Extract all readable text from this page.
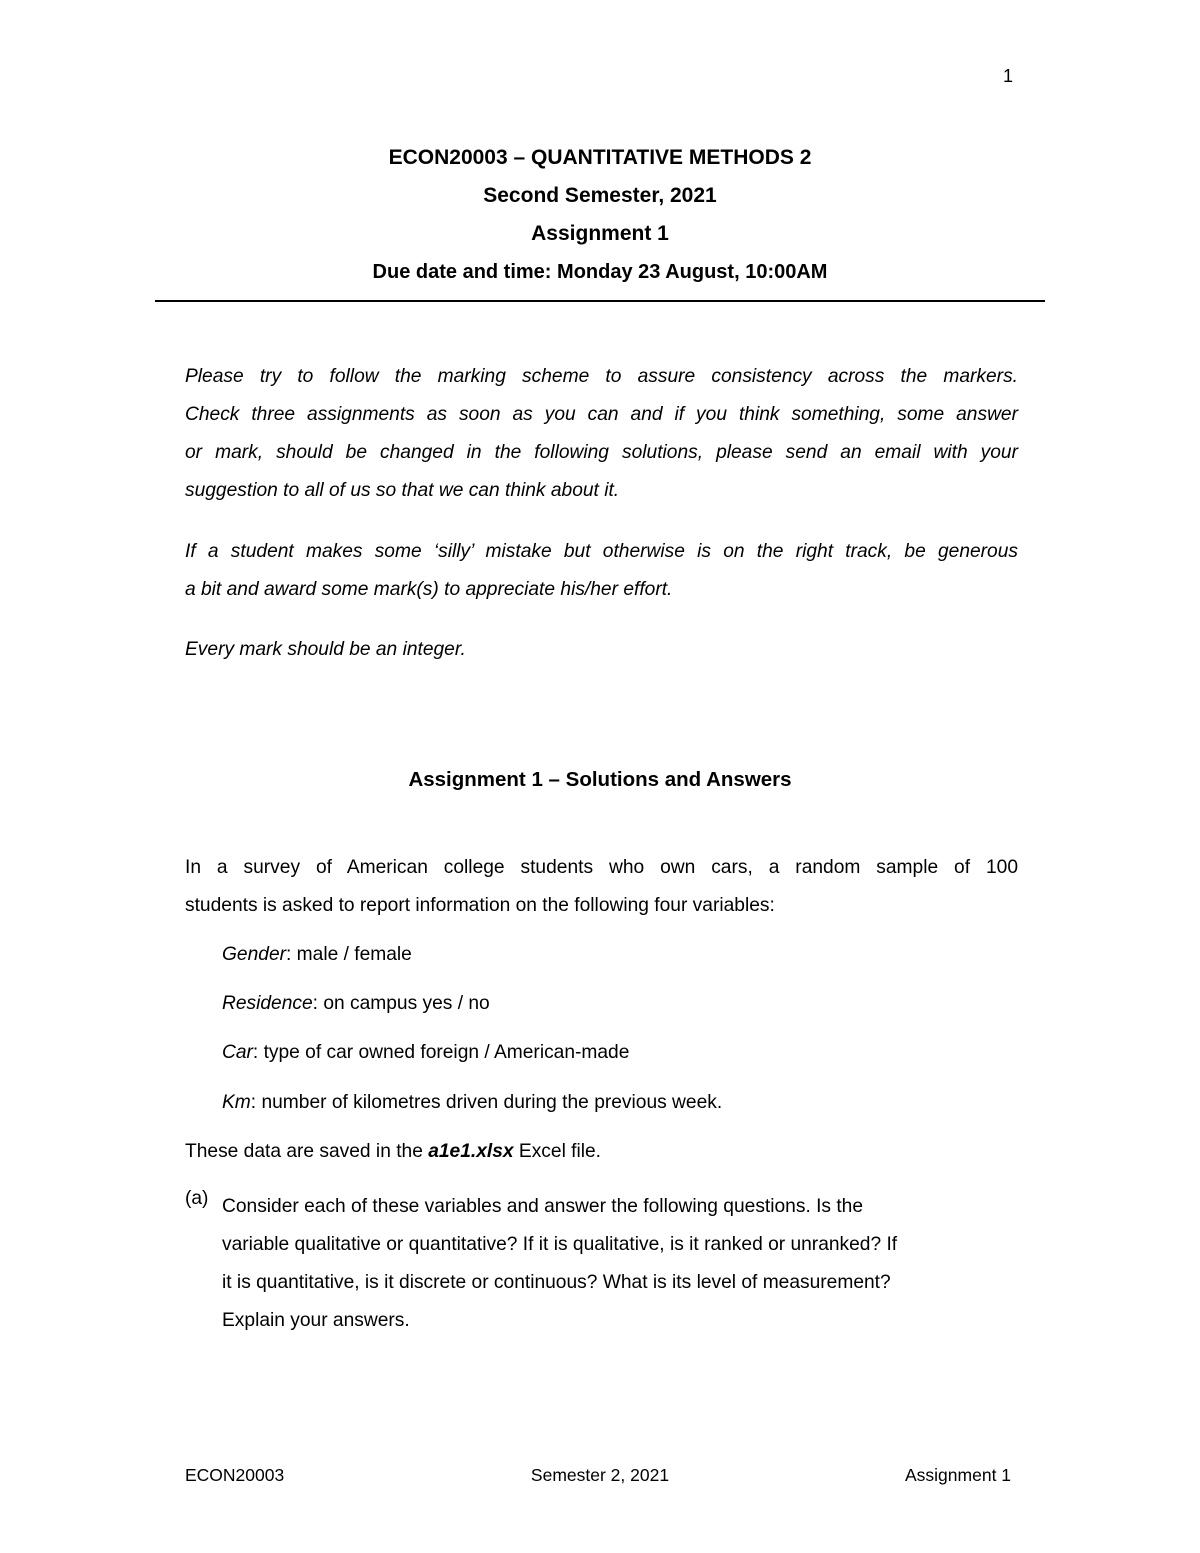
1
ECON20003 – QUANTITATIVE METHODS 2
Second Semester, 2021
Assignment 1
Due date and time: Monday 23 August, 10:00AM
Please try to follow the marking scheme to assure consistency across the markers.
Check three assignments as soon as you can and if you think something, some answer
or mark, should be changed in the following solutions, please send an email with your
suggestion to all of us so that we can think about it.
If a student makes some ‘silly’ mistake but otherwise is on the right track, be generous
a bit and award some mark(s) to appreciate his/her effort.
Every mark should be an integer.
Assignment 1 – Solutions and Answers
In a survey of American college students who own cars, a random sample of 100
students is asked to report information on the following four variables:
Gender: male / female
Residence: on campus yes / no
Car: type of car owned foreign / American-made
Km: number of kilometres driven during the previous week.
These data are saved in the a1e1.xlsx Excel file.
(a) Consider each of these variables and answer the following questions. Is the
variable qualitative or quantitative? If it is qualitative, is it ranked or unranked? If
it is quantitative, is it discrete or continuous? What is its level of measurement?
Explain your answers.
ECON20003	Semester 2, 2021	Assignment 1
